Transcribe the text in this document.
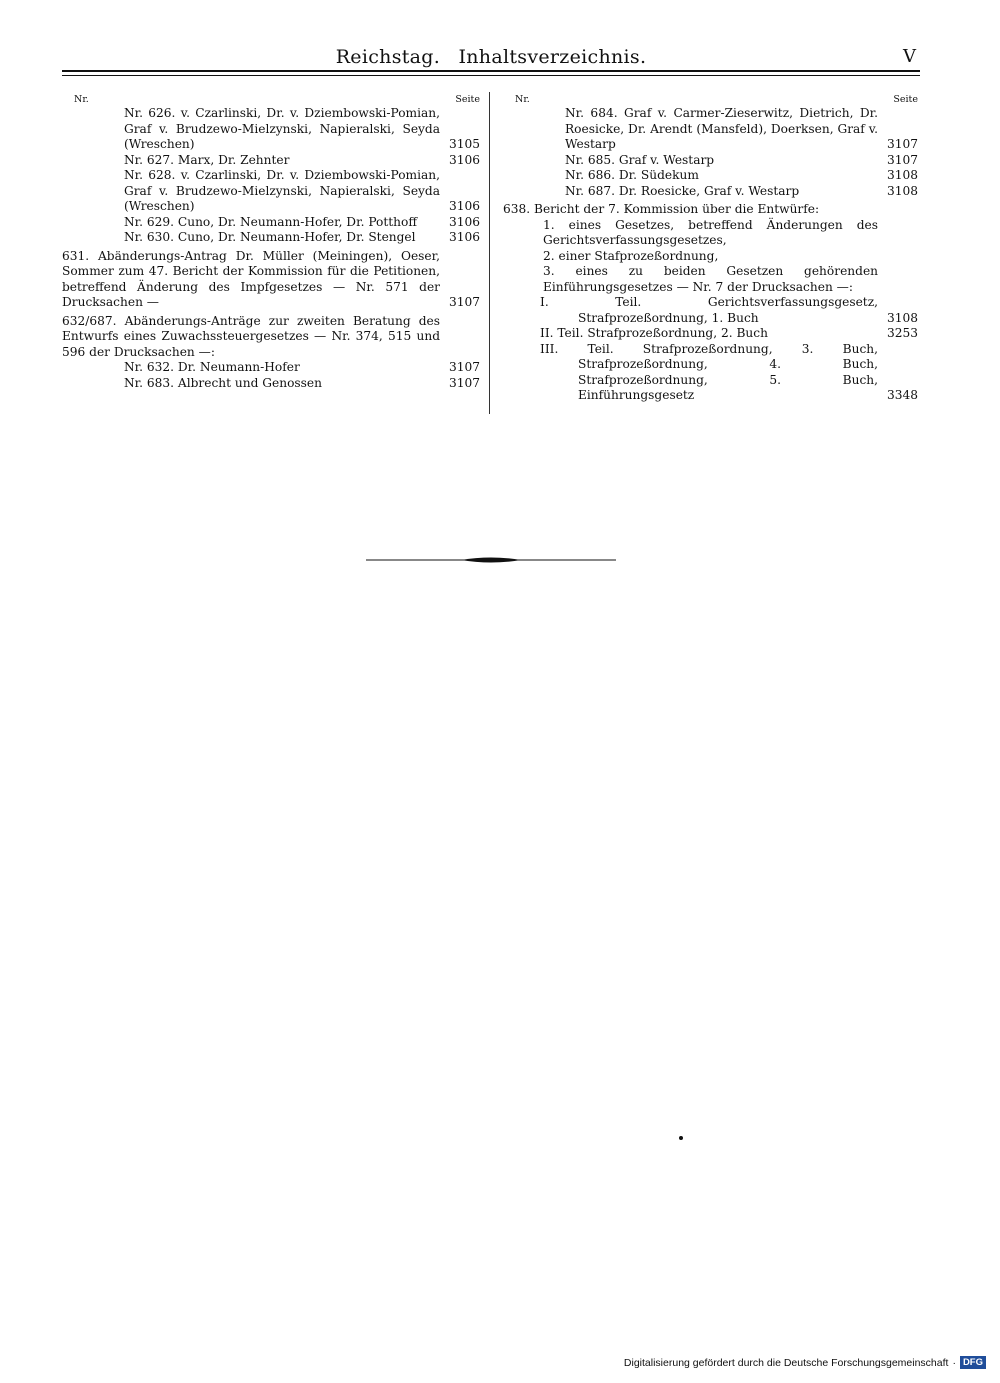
Reichstag. Inhaltsverzeichnis.	V
Nr.	Seite
Nr. 626. v. Czarlinski, Dr. v. Dziembowski-Pomian, Graf v. Brudzewo-Mielzynski, Napieralski, Seyda (Wreschen)	3105
Nr. 627. Marx, Dr. Zehnter	3106
Nr. 628. v. Czarlinski, Dr. v. Dziembowski-Pomian, Graf v. Brudzewo-Mielzynski, Napieralski, Seyda (Wreschen)	3106
Nr. 629. Cuno, Dr. Neumann-Hofer, Dr. Potthoff	3106
Nr. 630. Cuno, Dr. Neumann-Hofer, Dr. Stengel	3106
631. Abänderungs-Antrag Dr. Müller (Meiningen), Oeser, Sommer zum 47. Bericht der Kommission für die Petitionen, betreffend Änderung des Impfgesetzes — Nr. 571 der Drucksachen —	3107
632/687. Abänderungs-Anträge zur zweiten Beratung des Entwurfs eines Zuwachssteuergesetzes — Nr. 374, 515 und 596 der Drucksachen —:
Nr. 632. Dr. Neumann-Hofer	3107
Nr. 683. Albrecht und Genossen	3107
Nr.	Seite
Nr. 684. Graf v. Carmer-Zieserwitz, Dietrich, Dr. Roesicke, Dr. Arendt (Mansfeld), Doerksen, Graf v. Westarp	3107
Nr. 685. Graf v. Westarp	3107
Nr. 686. Dr. Südekum	3108
Nr. 687. Dr. Roesicke, Graf v. Westarp	3108
638. Bericht der 7. Kommission über die Entwürfe:
1. eines Gesetzes, betreffend Änderungen des Gerichtsverfassungsgesetzes,
2. einer Stafprozeßordnung,
3. eines zu beiden Gesetzen gehörenden Einführungsgesetzes — Nr. 7 der Drucksachen —:
I. Teil. Gerichtsverfassungsgesetz, Strafprozeßordnung, 1. Buch	3108
II. Teil. Strafprozeßordnung, 2. Buch	3253
III. Teil. Strafprozeßordnung, 3. Buch, Strafprozeßordnung, 4. Buch, Strafprozeßordnung, 5. Buch, Einführungsgesetz	3348
Digitalisierung gefördert durch die Deutsche Forschungsgemeinschaft · DFG
